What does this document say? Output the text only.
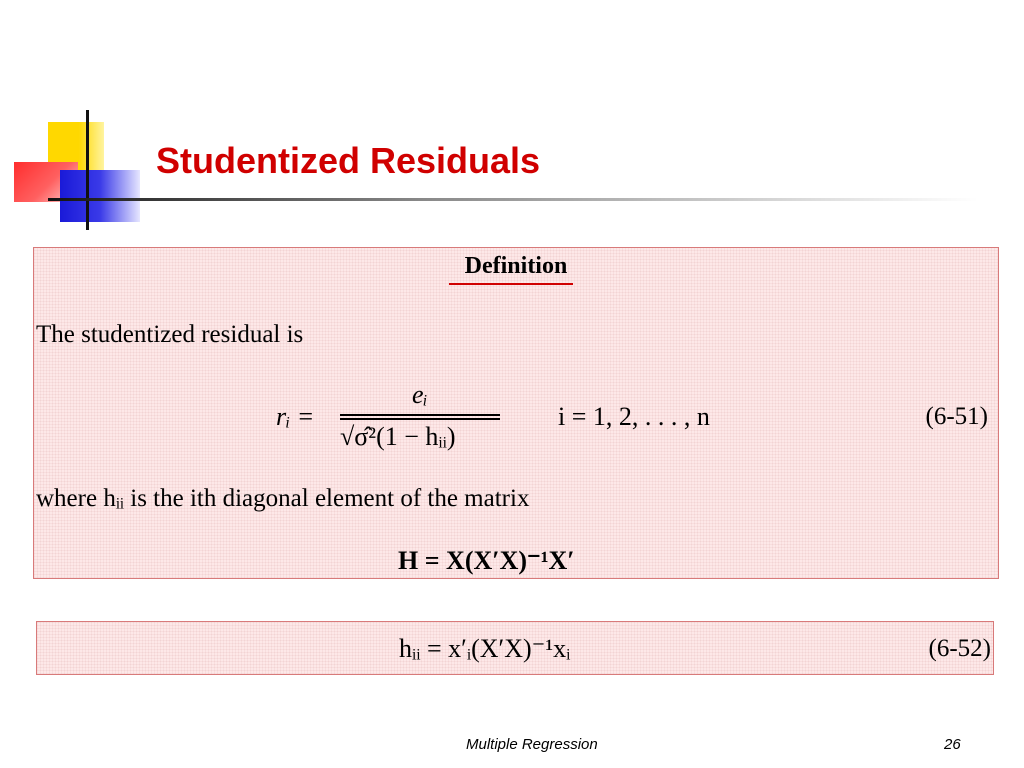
Studentized Residuals
Definition
The studentized residual is
rᵢ =
eᵢ
√σ̂²(1 − hᵢᵢ)
i = 1, 2, . . . , n	(6-51)
where hᵢᵢ is the ith diagonal element of the matrix
H = X(X′X)⁻¹X′
hᵢᵢ = x′ᵢ(X′X)⁻¹xᵢ	(6-52)
Multiple Regression	26
